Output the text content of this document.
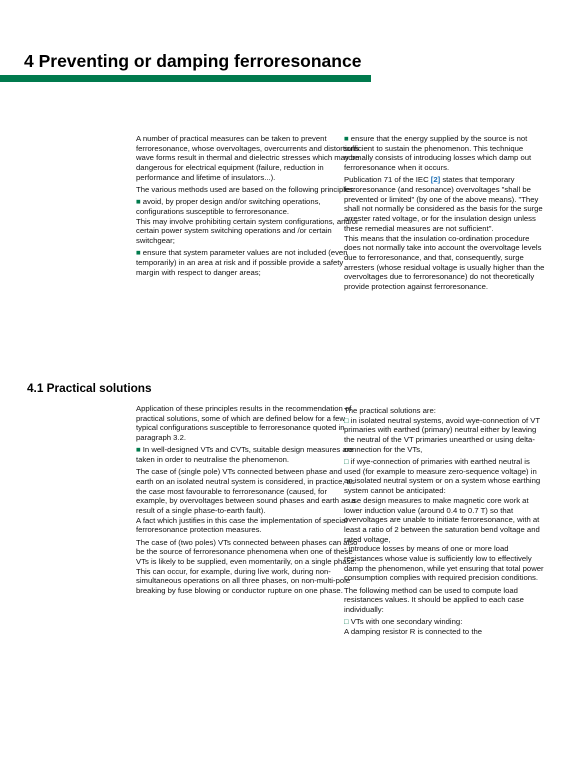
4 Preventing or damping ferroresonance

A number of practical measures can be taken to prevent ferroresonance, whose overvoltages, overcurrents and distortions wave forms result in thermal and dielectric stresses which may be dangerous for electrical equipment (failure, reduction in performance and lifetime of insulators...).

The various methods used are based on the following principles:

■ avoid, by proper design and/or switching operations, configurations susceptible to ferroresonance.
This may involve prohibiting certain system configurations, and/or certain power system switching operations and /or certain switchgear;

■ ensure that system parameter values are not included (even temporarily) in an area at risk and if possible provide a safety margin with respect to danger areas;

■ ensure that the energy supplied by the source is not sufficient to sustain the phenomenon. This technique normally consists of introducing losses which damp out ferroresonance when it occurs.

Publication 71 of the IEC [2] states that temporary ferroresonance (and resonance) overvoltages "shall be prevented or limited" (by one of the above means). "They shall not normally be considered as the basis for the surge arrester rated voltage, or for the insulation design unless these remedial measures are not sufficient".
This means that the insulation co-ordination procedure does not normally take into account the overvoltage levels due to ferroresonance, and that, consequently, surge arresters (whose residual voltage is usually higher than the overvoltages due to ferroresonance) do not theoretically provide protection against ferroresonance.

4.1 Practical solutions

Application of these principles results in the recommendation of practical solutions, some of which are defined below for a few typical configurations susceptible to ferroresonance quoted in paragraph 3.2.

■ In well-designed VTs and CVTs, suitable design measures are taken in order to neutralise the phenomenon.

The case of (single pole) VTs connected between phase and earth on an isolated neutral system is considered, in practice, as the case most favourable to ferroresonance (caused, for example, by overvoltages between sound phases and earth as a result of a single phase-to-earth fault).
A fact which justifies in this case the implementation of special ferroresonance protection measures.

The case of (two poles) VTs connected between phases can also be the source of ferroresonance phenomena when one of these VTs is likely to be supplied, even momentarily, on a single phase.
This can occur, for example, during live work, during non-simultaneous operations on all three phases, on non-multi-pole breaking by fuse blowing or conductor rupture on one phase.

The practical solutions are:
□ in isolated neutral systems, avoid wye-connection of VT primaries with earthed (primary) neutral either by leaving the neutral of the VT primaries unearthed or using delta-connection for the VTs,

□ if wye-connection of primaries with earthed neutral is used (for example to measure zero-sequence voltage) in an isolated neutral system or on a system whose earthing system cannot be anticipated:
- use design measures to make magnetic core work at lower induction value (around 0.4 to 0.7 T) so that overvoltages are unable to initiate ferroresonance, with at least a ratio of 2 between the saturation bend voltage and rated voltage,
- introduce losses by means of one or more load resistances whose value is sufficiently low to effectively damp the phenomenon, while yet ensuring that total power consumption complies with required precision conditions.

The following method can be used to compute load resistances values. It should be applied to each case individually:

□ VTs with one secondary winding:
A damping resistor R is connected to the
